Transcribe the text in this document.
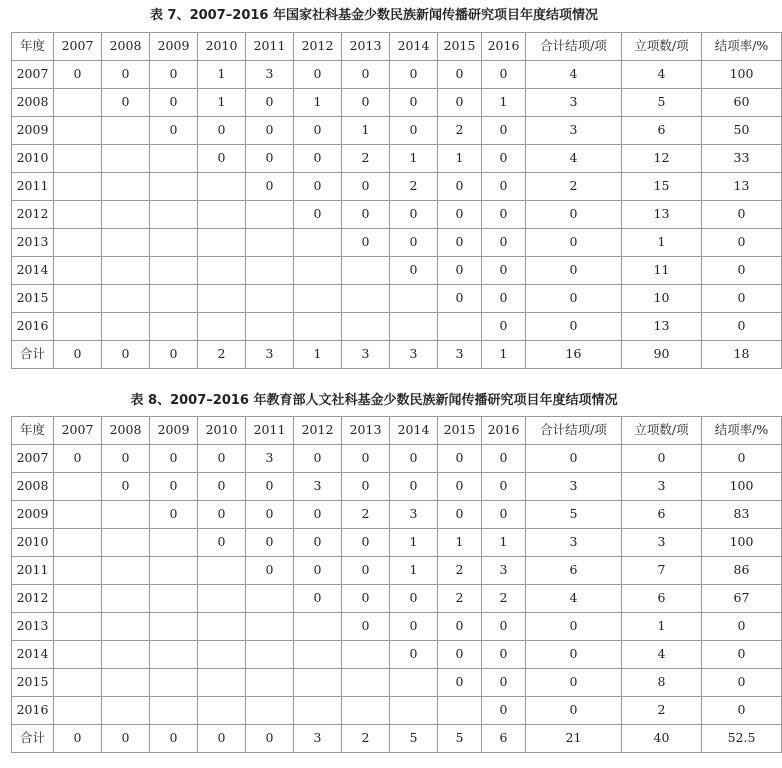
表 7、2007–2016 年国家社科基金少数民族新闻传播研究项目年度结项情况
年度	2007	2008	2009	2010	2011	2012	2013	2014	2015	2016	合计结项/项	立项数/项	结项率/%
2007	0	0	0	1	3	0	0	0	0	0	4	4	100
2008		0	0	1	0	1	0	0	0	1	3	5	60
2009			0	0	0	0	1	0	2	0	3	6	50
2010				0	0	0	2	1	1	0	4	12	33
2011					0	0	0	2	0	0	2	15	13
2012						0	0	0	0	0	0	13	0
2013							0	0	0	0	0	1	0
2014								0	0	0	0	11	0
2015									0	0	0	10	0
2016										0	0	13	0
合计	0	0	0	2	3	1	3	3	3	1	16	90	18
表 8、2007–2016 年教育部人文社科基金少数民族新闻传播研究项目年度结项情况
年度	2007	2008	2009	2010	2011	2012	2013	2014	2015	2016	合计结项/项	立项数/项	结项率/%
2007	0	0	0	0	3	0	0	0	0	0	0	0	0
2008		0	0	0	0	3	0	0	0	0	3	3	100
2009			0	0	0	0	2	3	0	0	5	6	83
2010				0	0	0	0	1	1	1	3	3	100
2011					0	0	0	1	2	3	6	7	86
2012						0	0	0	2	2	4	6	67
2013							0	0	0	0	0	1	0
2014								0	0	0	0	4	0
2015									0	0	0	8	0
2016										0	0	2	0
合计	0	0	0	0	0	3	2	5	5	6	21	40	52.5
